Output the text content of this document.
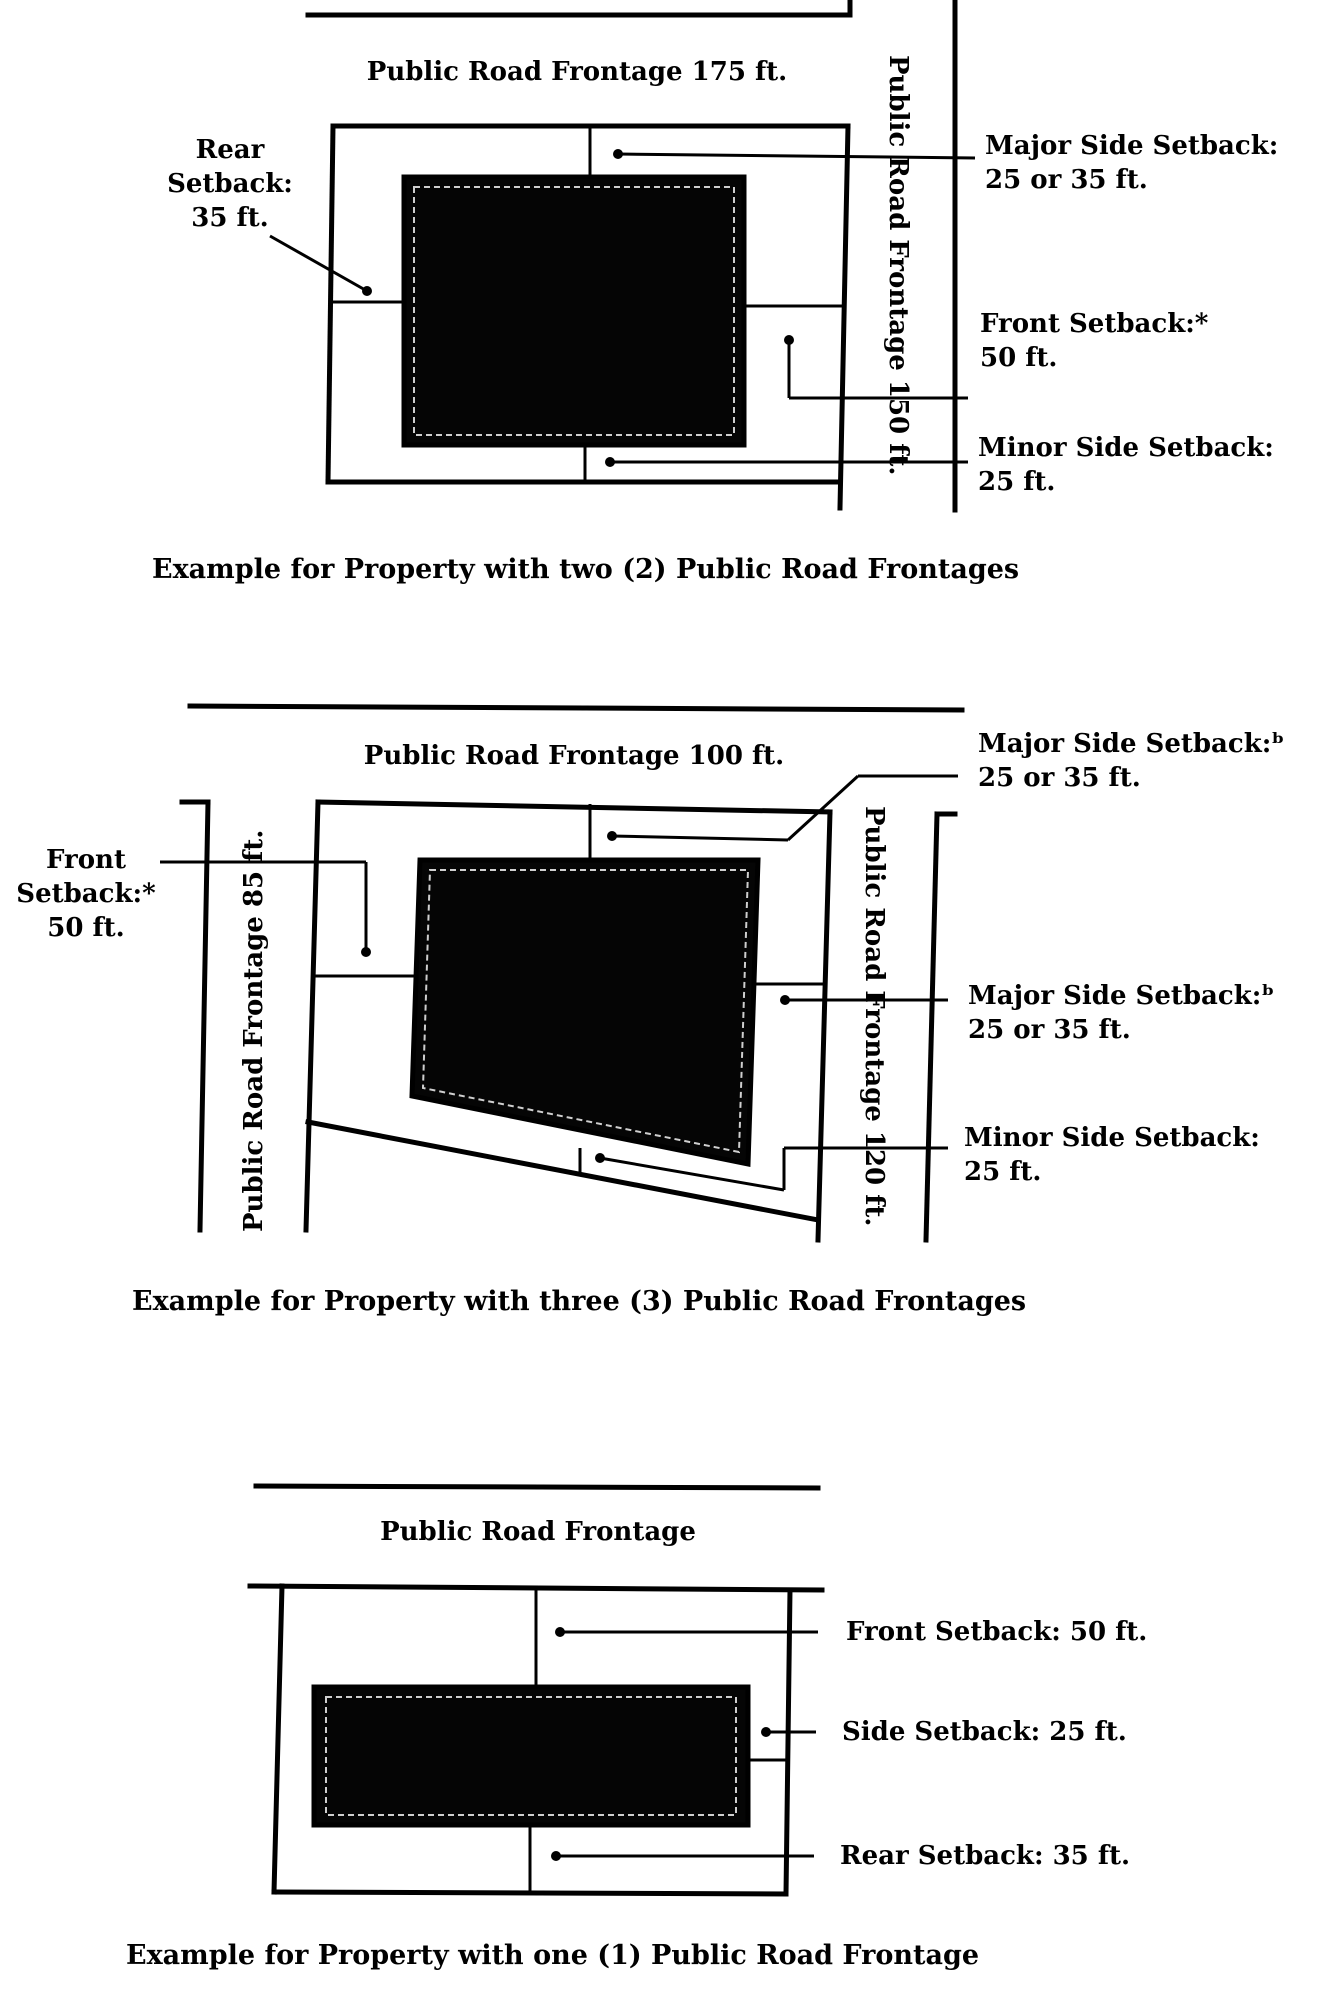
Public Road Frontage 175 ft.	Public Road Frontage 150 ft.
Rear
Setback:
35 ft.
Major Side Setback:
25 or 35 ft.
Front Setback:*
50 ft.
Minor Side Setback:
25 ft.
Example for Property with two (2) Public Road Frontages
Public Road Frontage 100 ft.
Public Road Frontage 85 ft.	Public Road Frontage 120 ft.
Front
Setback:*
50 ft.
Major Side Setback:ᵇ
25 or 35 ft.
Major Side Setback:ᵇ
25 or 35 ft.
Minor Side Setback:
25 ft.
Example for Property with three (3) Public Road Frontages
Public Road Frontage
Front Setback: 50 ft.
Side Setback: 25 ft.
Rear Setback: 35 ft.
Example for Property with one (1) Public Road Frontage
